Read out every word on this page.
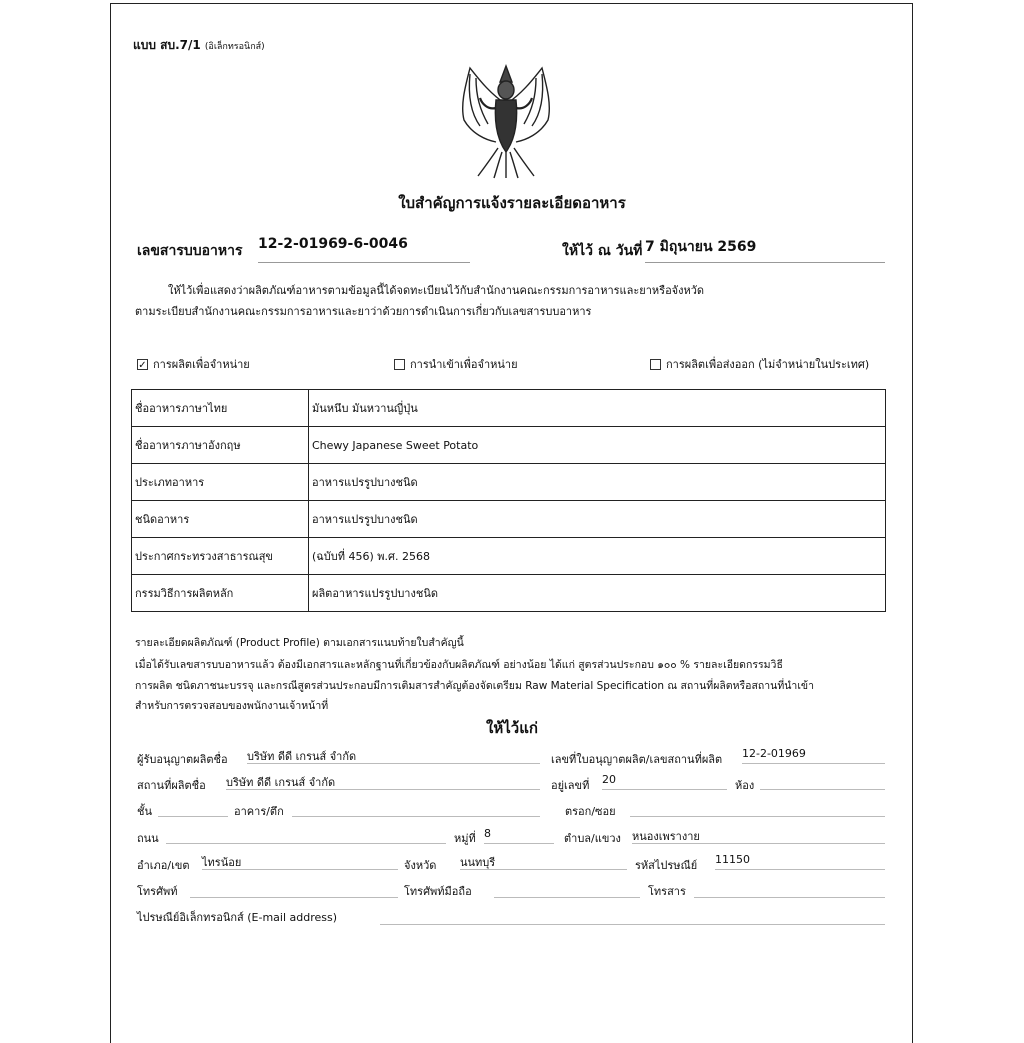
แบบ สบ.7/1 (อิเล็กทรอนิกส์)
ใบสำคัญการแจ้งรายละเอียดอาหาร
เลขสารบบอาหาร 12-2-01969-6-0046	ให้ไว้ ณ วันที่ 7 มิถุนายน 2569
ให้ไว้เพื่อแสดงว่าผลิตภัณฑ์อาหารตามข้อมูลนี้ได้จดทะเบียนไว้กับสำนักงานคณะกรรมการอาหารและยาหรือจังหวัด
ตามระเบียบสำนักงานคณะกรรมการอาหารและยาว่าด้วยการดำเนินการเกี่ยวกับเลขสารบบอาหาร
✓ การผลิตเพื่อจำหน่าย	การนำเข้าเพื่อจำหน่าย	การผลิตเพื่อส่งออก (ไม่จำหน่ายในประเทศ)
ชื่ออาหารภาษาไทย	มันหนึบ มันหวานญี่ปุ่น
ชื่ออาหารภาษาอังกฤษ	Chewy Japanese Sweet Potato
ประเภทอาหาร	อาหารแปรรูปบางชนิด
ชนิดอาหาร	อาหารแปรรูปบางชนิด
ประกาศกระทรวงสาธารณสุข	(ฉบับที่ 456) พ.ศ. 2568
กรรมวิธีการผลิตหลัก	ผลิตอาหารแปรรูปบางชนิด
รายละเอียดผลิตภัณฑ์ (Product Profile) ตามเอกสารแนบท้ายใบสำคัญนี้
เมื่อได้รับเลขสารบบอาหารแล้ว ต้องมีเอกสารและหลักฐานที่เกี่ยวข้องกับผลิตภัณฑ์ อย่างน้อย ได้แก่ สูตรส่วนประกอบ ๑๐๐ % รายละเอียดกรรมวิธี
การผลิต ชนิดภาชนะบรรจุ และกรณีสูตรส่วนประกอบมีการเติมสารสำคัญต้องจัดเตรียม Raw Material Specification ณ สถานที่ผลิตหรือสถานที่นำเข้า
สำหรับการตรวจสอบของพนักงานเจ้าหน้าที่
ให้ไว้แก่
ผู้รับอนุญาตผลิตชื่อ บริษัท ดีดี เกรนส์ จำกัด	เลขที่ใบอนุญาตผลิต/เลขสถานที่ผลิต 12-2-01969
สถานที่ผลิตชื่อ บริษัท ดีดี เกรนส์ จำกัด	อยู่เลขที่ 20	ห้อง
ชั้น	อาคาร/ตึก	ตรอก/ซอย
ถนน	หมู่ที่ 8	ตำบล/แขวง หนองเพรางาย
อำเภอ/เขต ไทรน้อย	จังหวัด นนทบุรี	รหัสไปรษณีย์ 11150
โทรศัพท์	โทรศัพท์มือถือ	โทรสาร
ไปรษณีย์อิเล็กทรอนิกส์ (E-mail address)
